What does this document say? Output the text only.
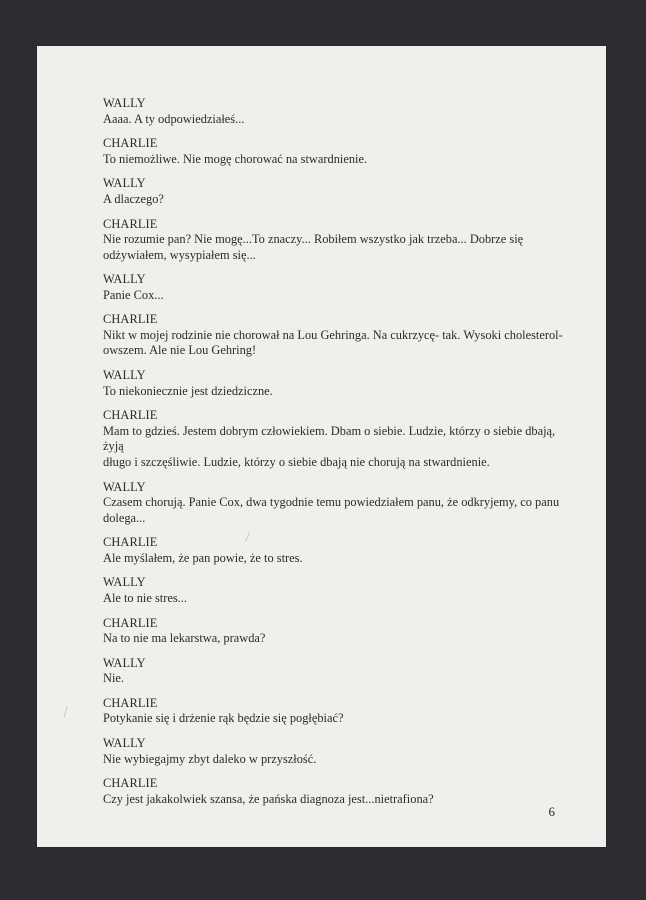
WALLY
Aaaa. A ty odpowiedziałeś...
CHARLIE
To niemożliwe. Nie mogę chorować na stwardnienie.
WALLY
A dlaczego?
CHARLIE
Nie rozumie pan? Nie mogę...To znaczy... Robiłem wszystko jak trzeba... Dobrze się
odżywiałem, wysypiałem się...
WALLY
Panie Cox...
CHARLIE
Nikt w mojej rodzinie nie chorował na Lou Gehringa. Na cukrzycę- tak. Wysoki cholesterol-
owszem. Ale nie Lou Gehring!
WALLY
To niekoniecznie jest dziedziczne.
CHARLIE
Mam to gdzieś. Jestem dobrym człowiekiem. Dbam o siebie. Ludzie, którzy o siebie dbają, żyją
długo i szczęśliwie. Ludzie, którzy o siebie dbają nie chorują na stwardnienie.
WALLY
Czasem chorują. Panie Cox, dwa tygodnie temu powiedziałem panu, że odkryjemy, co panu
dolega...
CHARLIE
Ale myślałem, że pan powie, że to stres.
WALLY
Ale to nie stres...
CHARLIE
Na to nie ma lekarstwa, prawda?
WALLY
Nie.
CHARLIE
Potykanie się i drżenie rąk będzie się pogłębiać?
WALLY
Nie wybiegajmy zbyt daleko w przyszłość.
CHARLIE
Czy jest jakakolwiek szansa, że pańska diagnoza jest...nietrafiona?
6
